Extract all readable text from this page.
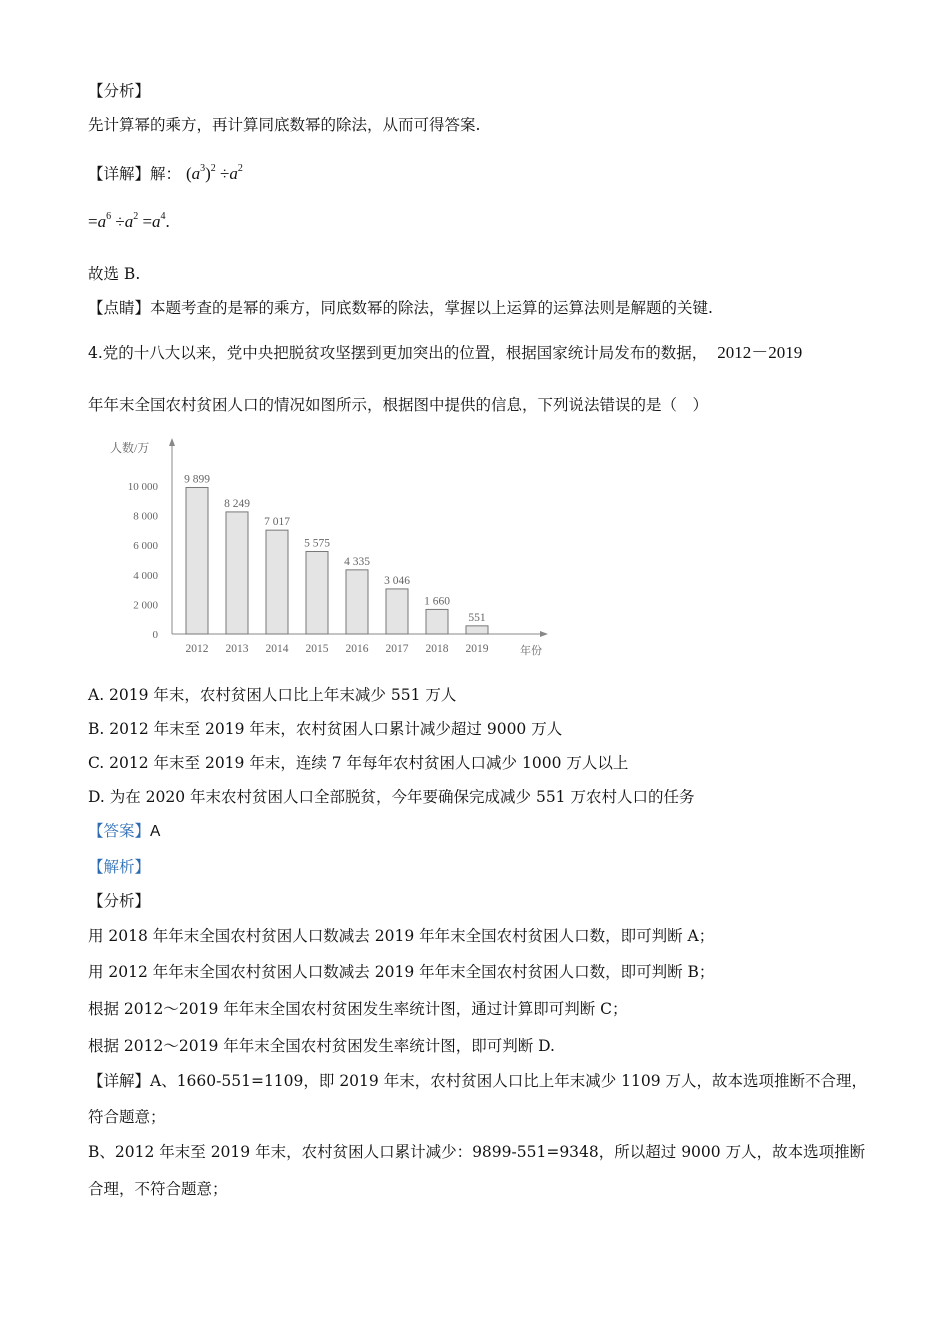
【分析】
先计算幂的乘方，再计算同底数幂的除法，从而可得答案.
【详解】解： $(a^3)^2 \div a^2$
$=a^6 \div a^2 =a^4$.
故选 B.
【点睛】本题考查的是幂的乘方，同底数幂的除法，掌握以上运算的运算法则是解题的关键.
4.党的十八大以来，党中央把脱贫攻坚摆到更加突出的位置，根据国家统计局发布的数据， 2012－2019
年年末全国农村贫困人口的情况如图所示，根据图中提供的信息，下列说法错误的是（　）
人数/万
年份
0
2 000
4 000
6 000
8 000
10 000
9 899
2012
8 249
2013
7 017
2014
5 575
2015
4 335
2016
3 046
2017
1 660
2018
551
2019
A. 2019 年末，农村贫困人口比上年末减少 551 万人
B. 2012 年末至 2019 年末，农村贫困人口累计减少超过 9000 万人
C. 2012 年末至 2019 年末，连续 7 年每年农村贫困人口减少 1000 万人以上
D. 为在 2020 年末农村贫困人口全部脱贫，今年要确保完成减少 551 万农村人口的任务
【答案】A
【解析】
【分析】
用 2018 年年末全国农村贫困人口数减去 2019 年年末全国农村贫困人口数，即可判断 A；
用 2012 年年末全国农村贫困人口数减去 2019 年年末全国农村贫困人口数，即可判断 B；
根据 2012～2019 年年末全国农村贫困发生率统计图，通过计算即可判断 C；
根据 2012～2019 年年末全国农村贫困发生率统计图，即可判断 D.
【详解】A、1660-551=1109，即 2019 年末，农村贫困人口比上年末减少 1109 万人，故本选项推断不合理，
符合题意；
B、2012 年末至 2019 年末，农村贫困人口累计减少：9899-551=9348，所以超过 9000 万人，故本选项推断
合理，不符合题意；
